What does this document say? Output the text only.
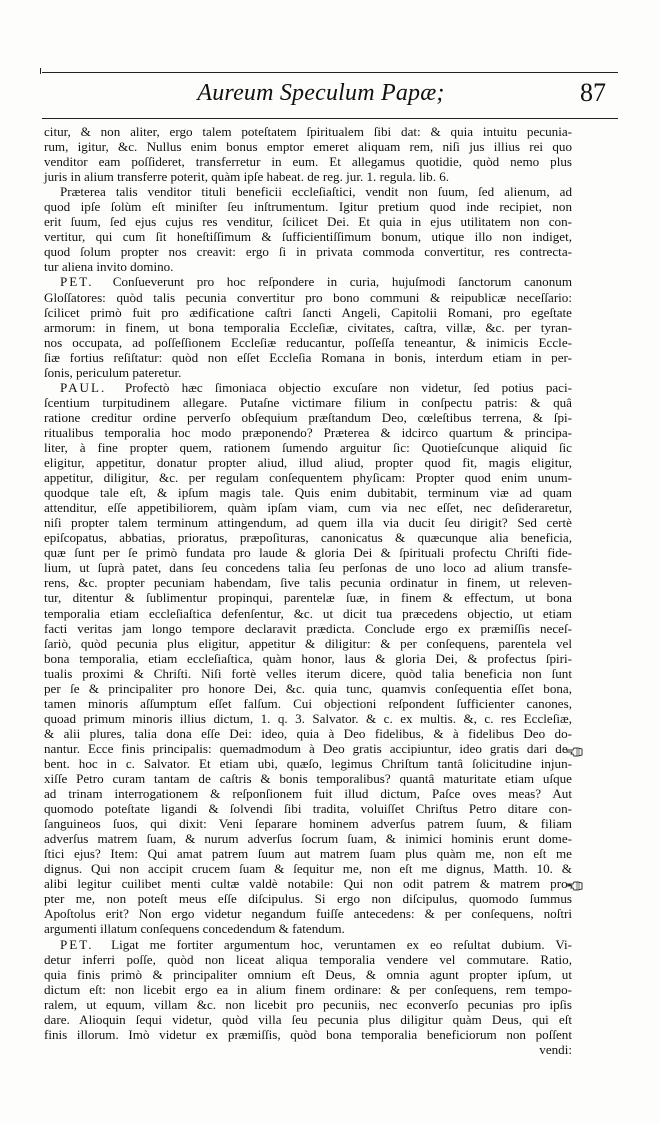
Aureum Speculum Papæ;	87
citur, & non aliter, ergo talem poteſtatem ſpiritualem ſibi dat: & quia intuitu pecunia-
rum, igitur, &c. Nullus enim bonus emptor emeret aliquam rem, niſi jus illius rei quo
venditor eam poſſideret, transferretur in eum. Et allegamus quotidie, quòd nemo plus
juris in alium transferre poterit, quàm ipſe habeat. de reg. jur. 1. regula. lib. 6.
Præterea talis venditor tituli beneficii eccleſiaſtici, vendit non ſuum, ſed alienum, ad
quod ipſe ſolùm eſt miniſter ſeu inſtrumentum. Igitur pretium quod inde recipiet, non
erit ſuum, ſed ejus cujus res venditur, ſcilicet Dei. Et quia in ejus utilitatem non con-
vertitur, qui cum ſit honeſtiſſimum & ſufficientiſſimum bonum, utique illo non indiget,
quod ſolum propter nos creavit: ergo ſi in privata commoda convertitur, res contrecta-
tur aliena invito domino.
PET.  Conſueverunt pro hoc reſpondere in curia, hujuſmodi ſanctorum canonum
Gloſſatores: quòd talis pecunia convertitur pro bono communi & reipublicæ neceſſario:
ſcilicet primò fuit pro ædificatione caſtri ſancti Angeli, Capitolii Romani, pro egeſtate
armorum: in finem, ut bona temporalia Eccleſiæ, civitates, caſtra, villæ, &c. per tyran-
nos occupata, ad poſſeſſionem Eccleſiæ reducantur, poſſeſſa teneantur, & inimicis Eccle-
ſiæ fortius reſiſtatur: quòd non eſſet Eccleſia Romana in bonis, interdum etiam in per-
ſonis, periculum pateretur.
PAUL.  Profectò hæc ſimoniaca objectio excuſare non videtur, ſed potius paci-
ſcentium turpitudinem allegare. Putaſne victimare filium in conſpectu patris: & quâ
ratione creditur ordine perverſo obſequium præſtandum Deo, cœleſtibus terrena, & ſpi-
ritualibus temporalia hoc modo præponendo? Præterea & idcirco quartum & principa-
liter, à fine propter quem, rationem ſumendo arguitur ſic: Quotieſcunque aliquid ſic
eligitur, appetitur, donatur propter aliud, illud aliud, propter quod fit, magis eligitur,
appetitur, diligitur, &c. per regulam conſequentem phyſicam: Propter quod enim unum-
quodque tale eſt, & ipſum magis tale. Quis enim dubitabit, terminum viæ ad quam
attenditur, eſſe appetibiliorem, quàm ipſam viam, cum via nec eſſet, nec deſideraretur,
niſi propter talem terminum attingendum, ad quem illa via ducit ſeu dirigit? Sed certè
epiſcopatus, abbatias, prioratus, præpoſituras, canonicatus & quæcunque alia beneficia,
quæ ſunt per ſe primò fundata pro laude & gloria Dei & ſpirituali profectu Chriſti fide-
lium, ut ſuprà patet, dans ſeu concedens talia ſeu perſonas de uno loco ad alium transfe-
rens, &c. propter pecuniam habendam, ſive talis pecunia ordinatur in finem, ut releven-
tur, ditentur & ſublimentur propinqui, parentelæ ſuæ, in finem & effectum, ut bona
temporalia etiam eccleſiaſtica defenſentur, &c. ut dicit tua præcedens objectio, ut etiam
facti veritas jam longo tempore declaravit prædicta. Conclude ergo ex præmiſſis neceſ-
ſariò, quòd pecunia plus eligitur, appetitur & diligitur: & per conſequens, parentela vel
bona temporalia, etiam eccleſiaſtica, quàm honor, laus & gloria Dei, & profectus ſpiri-
tualis proximi & Chriſti. Niſi fortè velles iterum dicere, quòd talia beneficia non ſunt
per ſe & principaliter pro honore Dei, &c. quia tunc, quamvis conſequentia eſſet bona,
tamen minoris aſſumptum eſſet falſum. Cui objectioni reſpondent ſufficienter canones,
quoad primum minoris illius dictum, 1. q. 3. Salvator. & c. ex multis. &, c. res Eccleſiæ,
& alii plures, talia dona eſſe Dei: ideo, quia à Deo fidelibus, & à fidelibus Deo do-
nantur. Ecce finis principalis: quemadmodum à Deo gratis accipiuntur, ideo gratis dari de-
bent. hoc in c. Salvator. Et etiam ubi, quæſo, legimus Chriſtum tantâ ſolicitudine injun-
xiſſe Petro curam tantam de caſtris & bonis temporalibus? quantâ maturitate etiam uſque
ad trinam interrogationem & reſponſionem fuit illud dictum, Paſce oves meas? Aut
quomodo poteſtate ligandi & ſolvendi ſibi tradita, voluiſſet Chriſtus Petro ditare con-
ſanguineos ſuos, qui dixit: Veni ſeparare hominem adverſus patrem ſuum, & filiam
adverſus matrem ſuam, & nurum adverſus ſocrum ſuam, & inimici hominis erunt dome-
ſtici ejus? Item: Qui amat patrem ſuum aut matrem ſuam plus quàm me, non eſt me
dignus. Qui non accipit crucem ſuam & ſequitur me, non eſt me dignus, Matth. 10. &
alibi legitur cuilibet menti cultæ valdè notabile: Qui non odit patrem & matrem pro-
pter me, non poteſt meus eſſe diſcipulus. Si ergo non diſcipulus, quomodo ſummus
Apoſtolus erit? Non ergo videtur negandum fuiſſe antecedens: & per conſequens, noſtri
argumenti illatum conſequens concedendum & fatendum.
PET.  Ligat me fortiter argumentum hoc, veruntamen ex eo reſultat dubium. Vi-
detur inferri poſſe, quòd non liceat aliqua temporalia vendere vel commutare. Ratio,
quia finis primò & principaliter omnium eſt Deus, & omnia agunt propter ipſum, ut
dictum eſt: non licebit ergo ea in alium finem ordinare: & per conſequens, rem tempo-
ralem, ut equum, villam &c. non licebit pro pecuniis, nec econverſo pecunias pro ipſis
dare. Alioquin ſequi videtur, quòd villa ſeu pecunia plus diligitur quàm Deus, qui eſt
finis illorum. Imò videtur ex præmiſſis, quòd bona temporalia beneficiorum non poſſent
vendi:
